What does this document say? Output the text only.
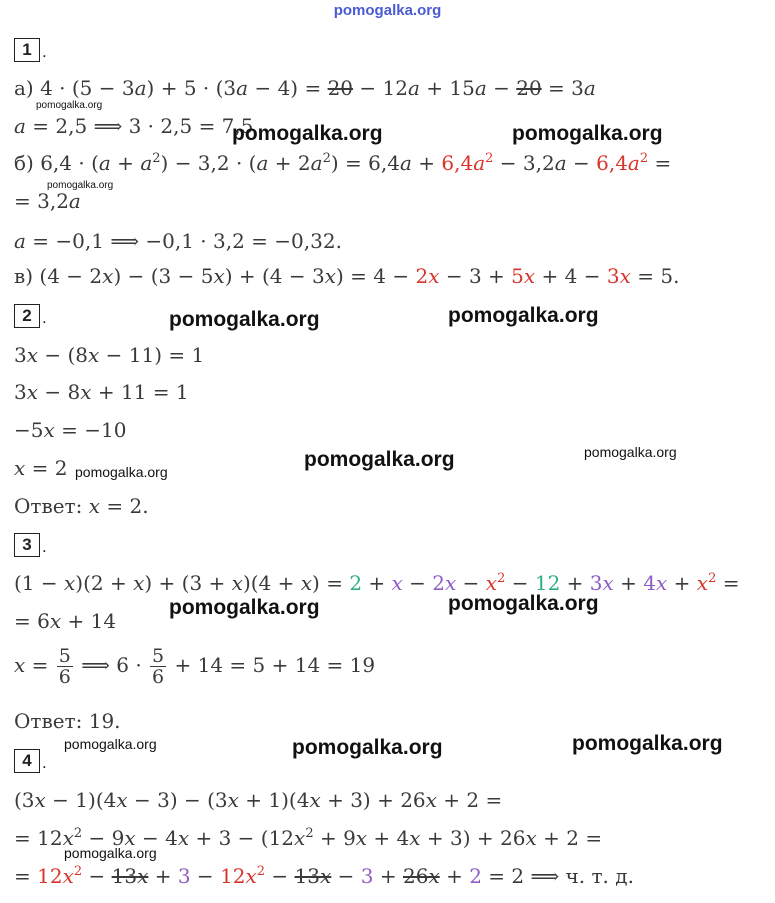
pomogalka.org
1 .
а) 4 · (5 − 3a) + 5 · (3a − 4) = 20 − 12a + 15a − 20 = 3a
a = 2,5 ⟹ 3 · 2,5 = 7,5
б) $6,4 \cdot (a + a^2) - 3,2 \cdot (a + 2a^2) = 6,4a + 6,4a^2 - 3,2a - 6,4a^2$ =
= 3,2a
a = −0,1 ⟹ −0,1 · 3,2 = −0,32.
в) (4 − 2x) − (3 − 5x) + (4 − 3x) = 4 − 2x − 3 + 5x + 4 − 3x = 5.
2 .
3x − (8x − 11) = 1
3x − 8x + 11 = 1
−5x = −10
x = 2
Ответ: x = 2.
3 .
$(1 - x)(2 + x) + (3 + x)(4 + x) = 2 + x - 2x - x^2 - 12 + 3x + 4x + x^2$ =
= 6x + 14
$x = \frac{5}{6}$ ⟹ $6 \cdot \frac{5}{6} + 14 = 5 + 14 = 19$
Ответ: 19.
4 .
(3x − 1)(4x − 3) − (3x + 1)(4x + 3) + 26x + 2 =
= $12x^2 - 9x - 4x + 3 - (12x^2 + 9x + 4x + 3) + 26x + 2$ =
= $12x^2 - 13x + 3 - 12x^2 - 13x - 3 + 26x + 2 = 2$ ⟹ ч. т. д.
pomogalka.org
pomogalka.org	pomogalka.org
pomogalka.org
pomogalka.org	pomogalka.org
pomogalka.org
pomogalka.org	pomogalka.org
pomogalka.org	pomogalka.org
pomogalka.org	pomogalka.org	pomogalka.org
pomogalka.org
